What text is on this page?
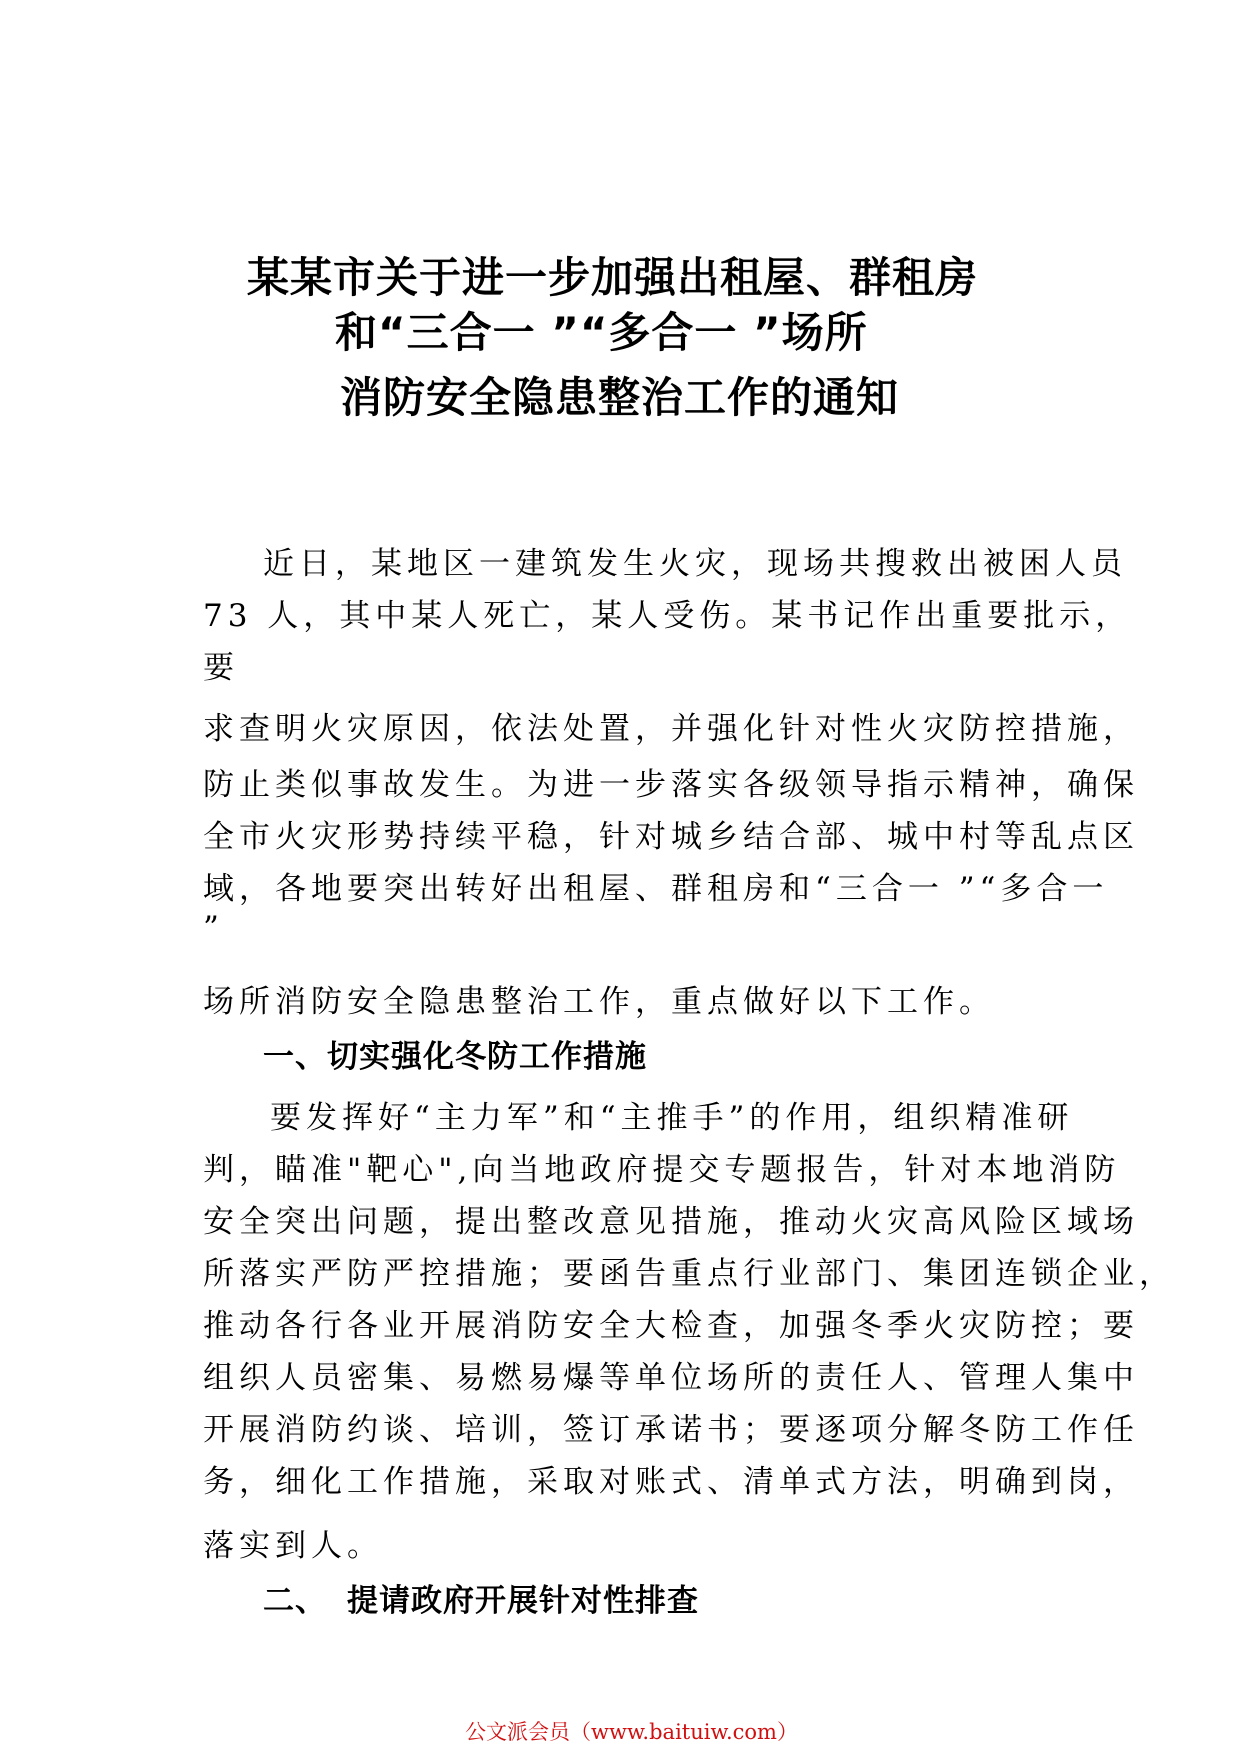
某某市关于进一步加强出租屋、群租房
和“三合一 ”“多合一 ”场所
消防安全隐患整治工作的通知
近日，某地区一建筑发生火灾，现场共搜救出被困人员
73 人，其中某人死亡，某人受伤。某书记作出重要批示，
要
求查明火灾原因，依法处置，并强化针对性火灾防控措施，
防止类似事故发生。为进一步落实各级领导指示精神，确保
全市火灾形势持续平稳，针对城乡结合部、城中村等乱点区
域，各地要突出转好出租屋、群租房和“三合一 ”“多合一
”
场所消防安全隐患整治工作，重点做好以下工作。
一、切实强化冬防工作措施
要发挥好“主力军”和“主推手”的作用，组织精准研
判，瞄准"靶心",向当地政府提交专题报告，针对本地消防
安全突出问题，提出整改意见措施，推动火灾高风险区域场
所落实严防严控措施；要函告重点行业部门、集团连锁企业，
推动各行各业开展消防安全大检查，加强冬季火灾防控；要
组织人员密集、易燃易爆等单位场所的责任人、管理人集中
开展消防约谈、培训，签订承诺书；要逐项分解冬防工作任
务，细化工作措施，采取对账式、清单式方法，明确到岗，
落实到人。
二、 提请政府开展针对性排查
公文派会员（www.baituiw.com）
